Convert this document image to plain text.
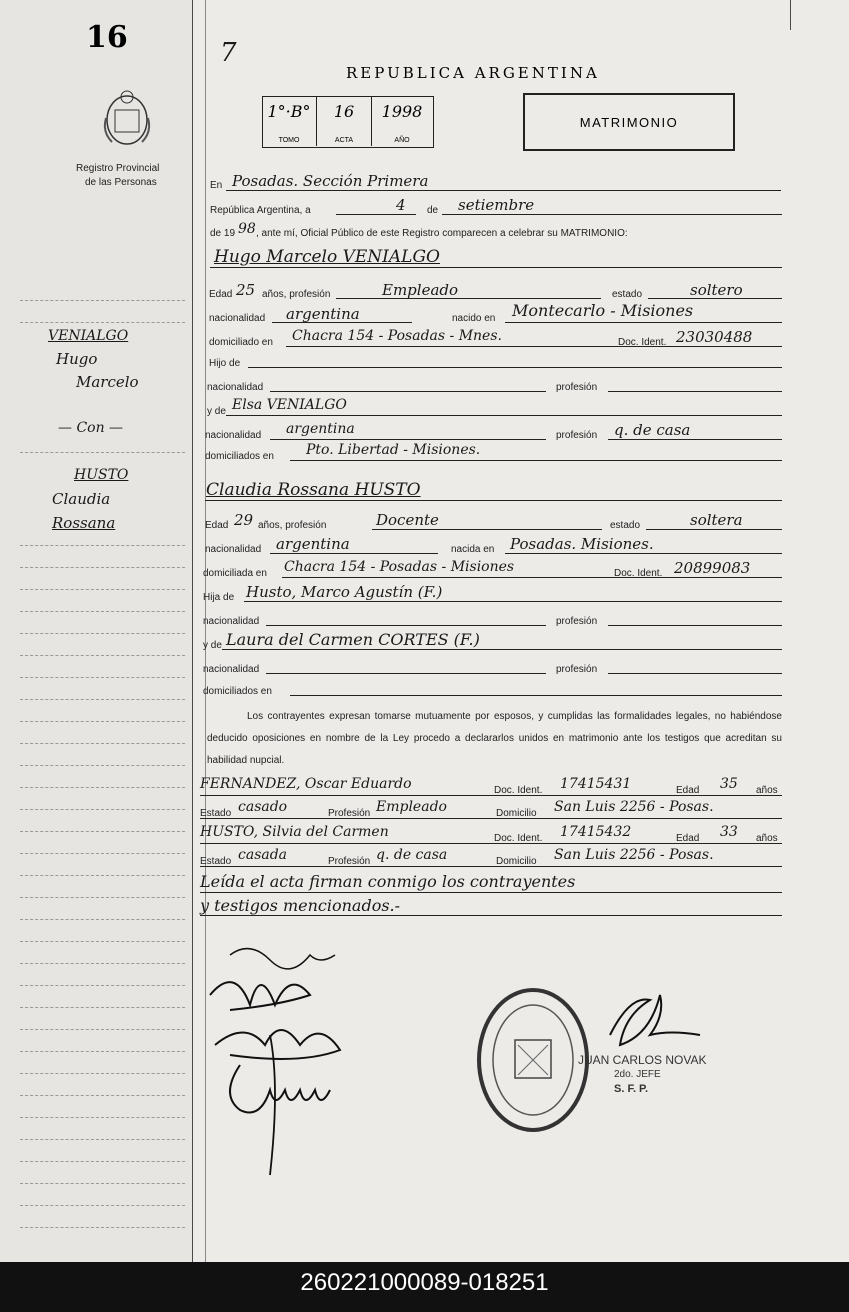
16
Registro Provincial
de las Personas
VENIALGO
Hugo
Marcelo
— Con —
HUSTO
Claudia
Rossana
7
REPUBLICA ARGENTINA
1°·B°
TOMO
16
ACTA
1998
AÑO
MATRIMONIO
En Posadas. Sección Primera
República Argentina, a	4 de setiembre
de 19 98 , ante mí, Oficial Público de este Registro comparecen a celebrar su MATRIMONIO:
Hugo Marcelo VENIALGO
Edad 25 años, profesión	Empleado	estado	soltero
nacionalidad argentina	nacido en Montecarlo - Misiones
domiciliado en Chacra 154 - Posadas - Mnes.	Doc. Ident. 23030488
Hijo de
nacionalidad	profesión
y de Elsa VENIALGO
nacionalidad argentina	profesión q. de casa
domiciliados en Pto. Libertad - Misiones.
Claudia Rossana HUSTO
Edad 29 años, profesión	Docente	estado	soltera
nacionalidad argentina	nacida en Posadas. Misiones.
domiciliada en Chacra 154 - Posadas - Misiones	Doc. Ident. 20899083
Hija de Husto, Marco Agustín (F.)
nacionalidad	profesión
y de Laura del Carmen CORTES (F.)
nacionalidad	profesión
domiciliados en
Los contrayentes expresan tomarse mutuamente por esposos, y cumplidas las formalidades legales, no habiéndose deducido oposiciones en nombre de la Ley procedo a declararlos unidos en matrimonio ante los testigos que acreditan su habilidad nupcial.
FERNANDEZ, Oscar Eduardo	Doc. Ident. 17415431	Edad 35 años
Estado casado	Profesión Empleado	Domicilio San Luis 2256 - Posas.
HUSTO, Silvia del Carmen	Doc. Ident. 17415432	Edad 33 años
Estado casada	Profesión q. de casa	Domicilio San Luis 2256 - Posas.
Leída el acta firman conmigo los contrayentes
y testigos mencionados.-
JUAN CARLOS NOVAK
2do. JEFE
S. F. P.
260221000089-018251
